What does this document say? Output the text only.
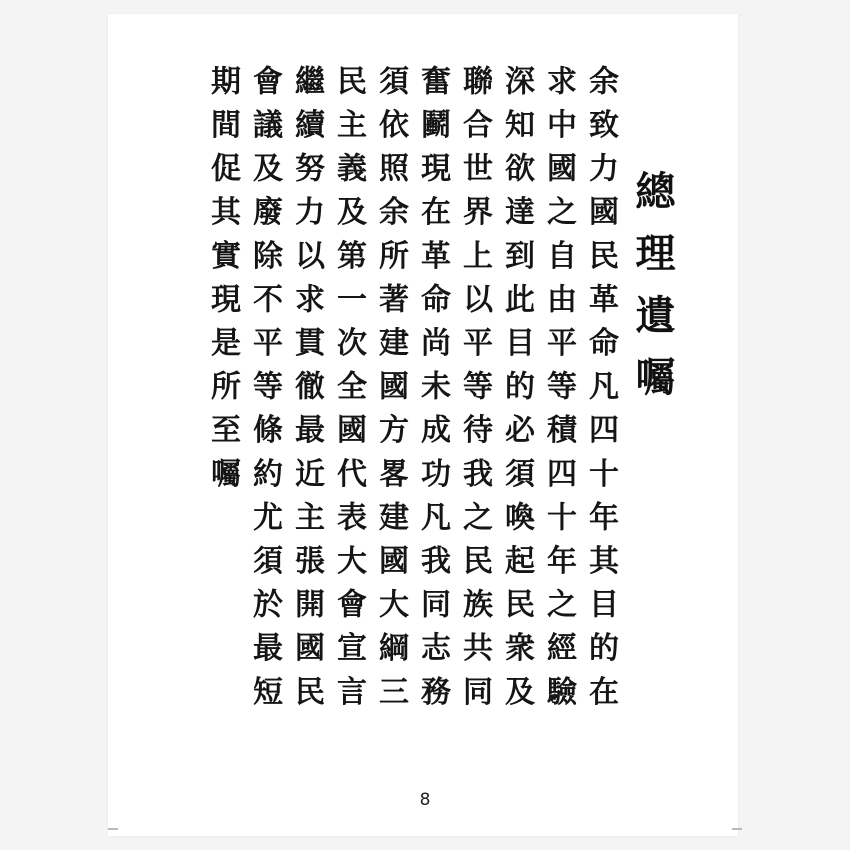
總理遺囑
余致力國民革命凡四十年其目的在
求中國之自由平等積四十年之經驗
深知欲達到此目的必須喚起民衆及
聯合世界上以平等待我之民族共同
奮鬬現在革命尚未成功凡我同志務
須依照余所著建國方畧建國大綱三
民主義及第一次全國代表大會宣言
繼續努力以求貫徹最近主張開國民
會議及廢除不平等條約尤須於最短
期間促其實現是所至囑
8
